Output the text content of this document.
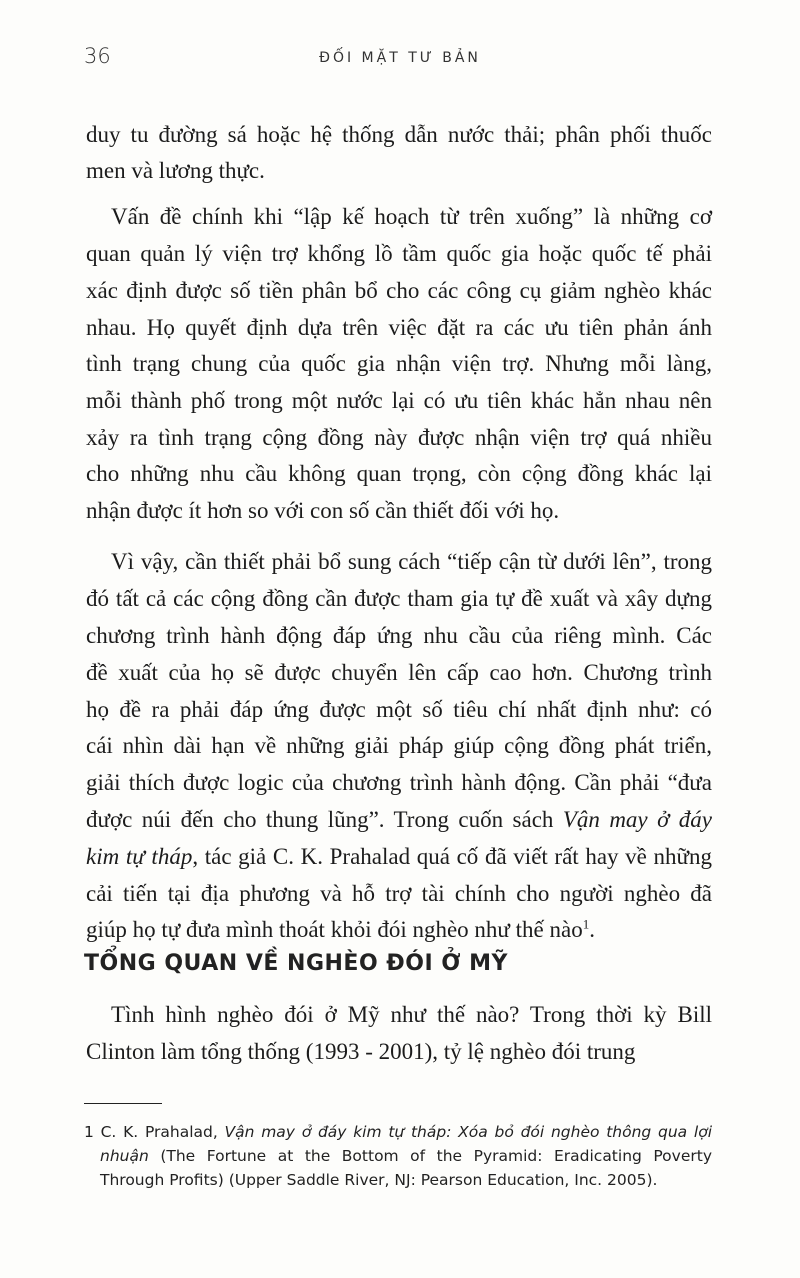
36	ĐỐI MẶT TƯ BẢN
duy tu đường sá hoặc hệ thống dẫn nước thải; phân phối thuốc
men và lương thực.
Vấn đề chính khi “lập kế hoạch từ trên xuống” là những cơ
quan quản lý viện trợ khổng lồ tầm quốc gia hoặc quốc tế phải
xác định được số tiền phân bổ cho các công cụ giảm nghèo khác
nhau. Họ quyết định dựa trên việc đặt ra các ưu tiên phản ánh
tình trạng chung của quốc gia nhận viện trợ. Nhưng mỗi làng,
mỗi thành phố trong một nước lại có ưu tiên khác hẳn nhau nên
xảy ra tình trạng cộng đồng này được nhận viện trợ quá nhiều
cho những nhu cầu không quan trọng, còn cộng đồng khác lại
nhận được ít hơn so với con số cần thiết đối với họ.
Vì vậy, cần thiết phải bổ sung cách “tiếp cận từ dưới lên”, trong
đó tất cả các cộng đồng cần được tham gia tự đề xuất và xây dựng
chương trình hành động đáp ứng nhu cầu của riêng mình. Các
đề xuất của họ sẽ được chuyển lên cấp cao hơn. Chương trình
họ đề ra phải đáp ứng được một số tiêu chí nhất định như: có
cái nhìn dài hạn về những giải pháp giúp cộng đồng phát triển,
giải thích được logic của chương trình hành động. Cần phải “đưa
được núi đến cho thung lũng”. Trong cuốn sách Vận may ở đáy
kim tự tháp, tác giả C. K. Prahalad quá cố đã viết rất hay về những
cải tiến tại địa phương và hỗ trợ tài chính cho người nghèo đã
giúp họ tự đưa mình thoát khỏi đói nghèo như thế nào$^1$.
TỔNG QUAN VỀ NGHÈO ĐÓI Ở MỸ
Tình hình nghèo đói ở Mỹ như thế nào? Trong thời kỳ Bill
Clinton làm tổng thống (1993 - 2001), tỷ lệ nghèo đói trung
1 C. K. Prahalad, Vận may ở đáy kim tự tháp: Xóa bỏ đói nghèo thông qua lợi
nhuận (The Fortune at the Bottom of the Pyramid: Eradicating Poverty
Through Profits) (Upper Saddle River, NJ: Pearson Education, Inc. 2005).
